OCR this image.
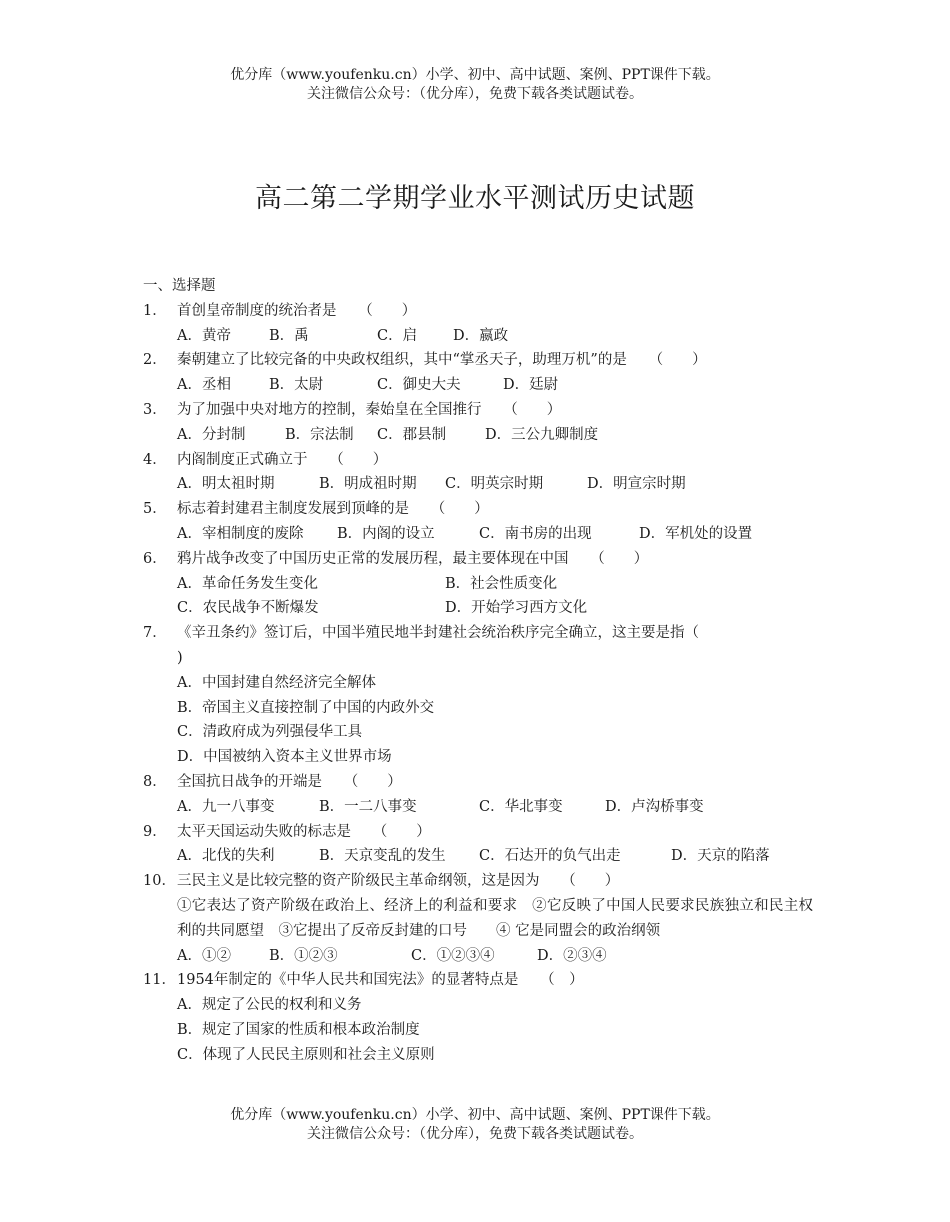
优分库（www.youfenku.cn）小学、初中、高中试题、案例、PPT课件下载。
关注微信公众号：（优分库），免费下载各类试题试卷。
高二第二学期学业水平测试历史试题
一、选择题
1． 首创皇帝制度的统治者是　　（　　）
A．黄帝	B．禹	C．启 D．嬴政
2． 秦朝建立了比较完备的中央政权组织，其中“掌丞天子，助理万机”的是　　（　　）
A．丞相	B．太尉	C．御史大夫	D．廷尉
3． 为了加强中央对地方的控制，秦始皇在全国推行　　（　　）
A．分封制	B．宗法制 C．郡县制	D．三公九卿制度
4． 内阁制度正式确立于　　（　　）
A．明太祖时期	B．明成祖时期 C．明英宗时期	D．明宣宗时期
5． 标志着封建君主制度发展到顶峰的是　　（　　）
A．宰相制度的废除 B．内阁的设立	C．南书房的出现	D．军机处的设置
6． 鸦片战争改变了中国历史正常的发展历程，最主要体现在中国　　（　　）
A．革命任务发生变化	B．社会性质变化
C．农民战争不断爆发	D．开始学习西方文化
7． 《辛丑条约》签订后，中国半殖民地半封建社会统治秩序完全确立，这主要是指（
)
A．中国封建自然经济完全解体
B．帝国主义直接控制了中国的内政外交
C．清政府成为列强侵华工具
D．中国被纳入资本主义世界市场
8． 全国抗日战争的开端是　　（　　）
A．九一八事变	B．一二八事变	C．华北事变	D．卢沟桥事变
9． 太平天国运动失败的标志是　　（　　）
A．北伐的失利	B．天京变乱的发生 C．石达开的负气出走	D．天京的陷落
10． 三民主义是比较完整的资产阶级民主革命纲领，这是因为　　（　　）
①它表达了资产阶级在政治上、经济上的利益和要求　②它反映了中国人民要求民族独立和民主权利的共同愿望　③它提出了反帝反封建的口号　　④ 它是同盟会的政治纲领
A．①②	B．①②③	C．①②③④	D．②③④
11． 1954年制定的《中华人民共和国宪法》的显著特点是　　（　）
A．规定了公民的权利和义务
B．规定了国家的性质和根本政治制度
C．体现了人民民主原则和社会主义原则
优分库（www.youfenku.cn）小学、初中、高中试题、案例、PPT课件下载。
关注微信公众号：（优分库），免费下载各类试题试卷。
